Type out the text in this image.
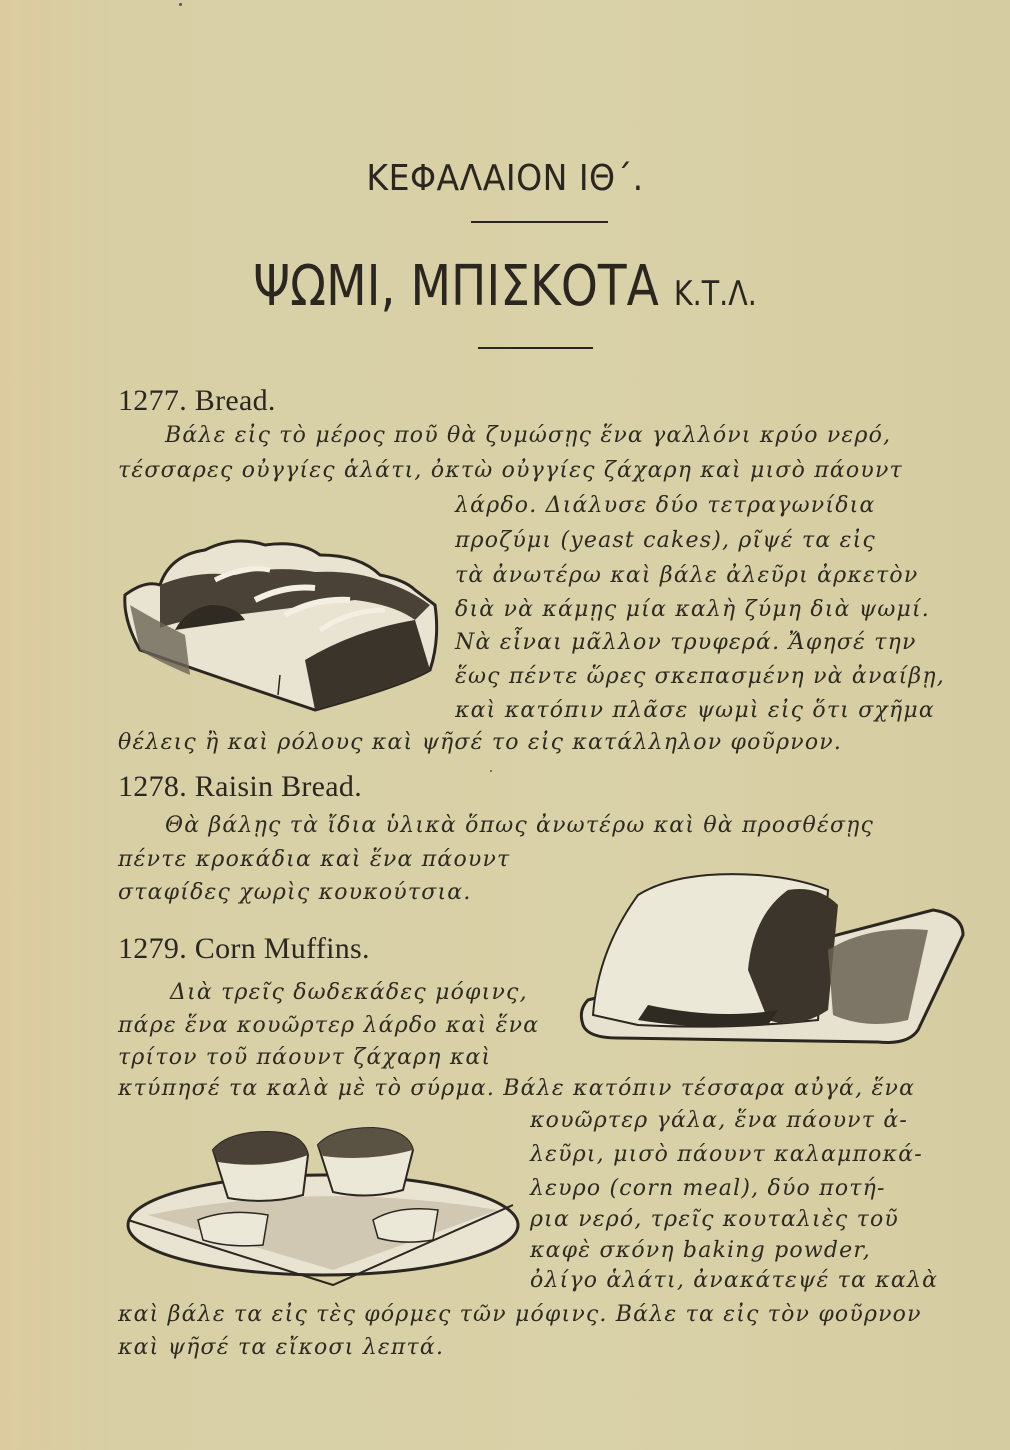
ΚΕΦΑΛΑΙΟΝ ΙΘ΄.
ΨΩΜΙ, ΜΠΙΣΚΟΤΑ Κ.Τ.Λ.
1277. Bread.
Βάλε εἰς τὸ μέρος ποῦ θὰ ζυμώσῃς ἕνα γαλλόνι κρύο νερό,
τέσσαρες οὐγγίες ἁλάτι, ὀκτὼ οὐγγίες ζάχαρη καὶ μισὸ πάουντ
λάρδο. Διάλυσε δύο τετραγωνίδια
προζύμι (yeast cakes), ρῖψέ τα εἰς
τὰ ἀνωτέρω καὶ βάλε ἀλεῦρι ἀρκετὸν
διὰ νὰ κάμῃς μία καλὴ ζύμη διὰ ψωμί.
Νὰ εἶναι μᾶλλον τρυφερά. Ἄφησέ την
ἕως πέντε ὥρες σκεπασμένη νὰ ἀναίβῃ,
καὶ κατόπιν πλᾶσε ψωμὶ εἰς ὅτι σχῆμα
θέλεις ἢ καὶ ρόλους καὶ ψῆσέ το εἰς κατάλληλον φοῦρνον.
1278. Raisin Bread.
Θὰ βάλῃς τὰ ἴδια ὑλικὰ ὅπως ἀνωτέρω καὶ θὰ προσθέσῃς
πέντε κροκάδια καὶ ἕνα πάουντ
σταφίδες χωρὶς κουκούτσια.
1279. Corn Muffins.
Διὰ τρεῖς δωδεκάδες μόφινς,
πάρε ἕνα κουῶρτερ λάρδο καὶ ἕνα
τρίτον τοῦ πάουντ ζάχαρη καὶ
κτύπησέ τα καλὰ μὲ τὸ σύρμα. Βάλε κατόπιν τέσσαρα αὐγά, ἕνα
κουῶρτερ γάλα, ἕνα πάουντ ἀ-
λεῦρι, μισὸ πάουντ καλαμποκά-
λευρο (corn meal), δύο ποτή-
ρια νερό, τρεῖς κουταλιὲς τοῦ
καφὲ σκόνη baking powder,
ὀλίγο ἁλάτι, ἀνακάτεψέ τα καλὰ
καὶ βάλε τα εἰς τὲς φόρμες τῶν μόφινς. Βάλε τα εἰς τὸν φοῦρνον
καὶ ψῆσέ τα εἴκοσι λεπτά.
